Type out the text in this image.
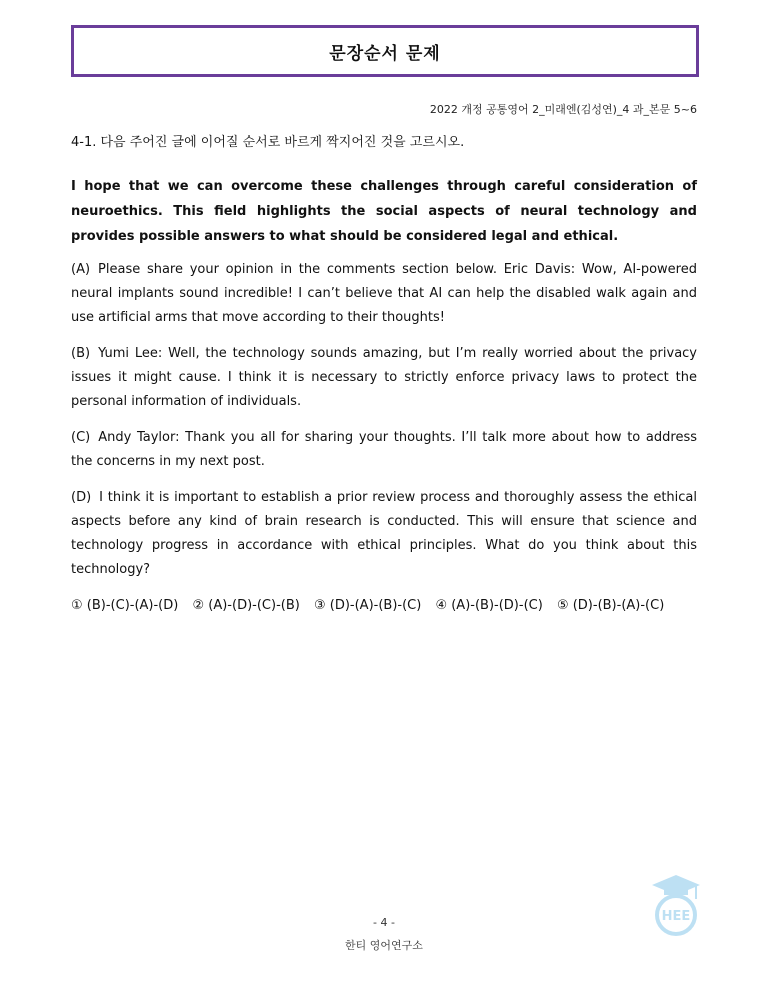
문장순서 문제
2022 개정 공통영어 2_미래엔(김성연)_4 과_본문 5~6

4-1. 다음 주어진 글에 이어질 순서로 바르게 짝지어진 것을 고르시오.

I hope that we can overcome these challenges through careful consideration of neuroethics. This field highlights the social aspects of neural technology and provides possible answers to what should be considered legal and ethical.

(A) Please share your opinion in the comments section below. Eric Davis: Wow, AI-powered neural implants sound incredible! I can’t believe that AI can help the disabled walk again and use artificial arms that move according to their thoughts!

(B) Yumi Lee: Well, the technology sounds amazing, but I’m really worried about the privacy issues it might cause. I think it is necessary to strictly enforce privacy laws to protect the personal information of individuals.

(C) Andy Taylor: Thank you all for sharing your thoughts. I’ll talk more about how to address the concerns in my next post.

(D) I think it is important to establish a prior review process and thoroughly assess the ethical aspects before any kind of brain research is conducted. This will ensure that science and technology progress in accordance with ethical principles. What do you think about this technology?

① (B)-(C)-(A)-(D) ② (A)-(D)-(C)-(B) ③ (D)-(A)-(B)-(C) ④ (A)-(B)-(D)-(C) ⑤ (D)-(B)-(A)-(C)
HEE
- 4 -
한티 영어연구소
